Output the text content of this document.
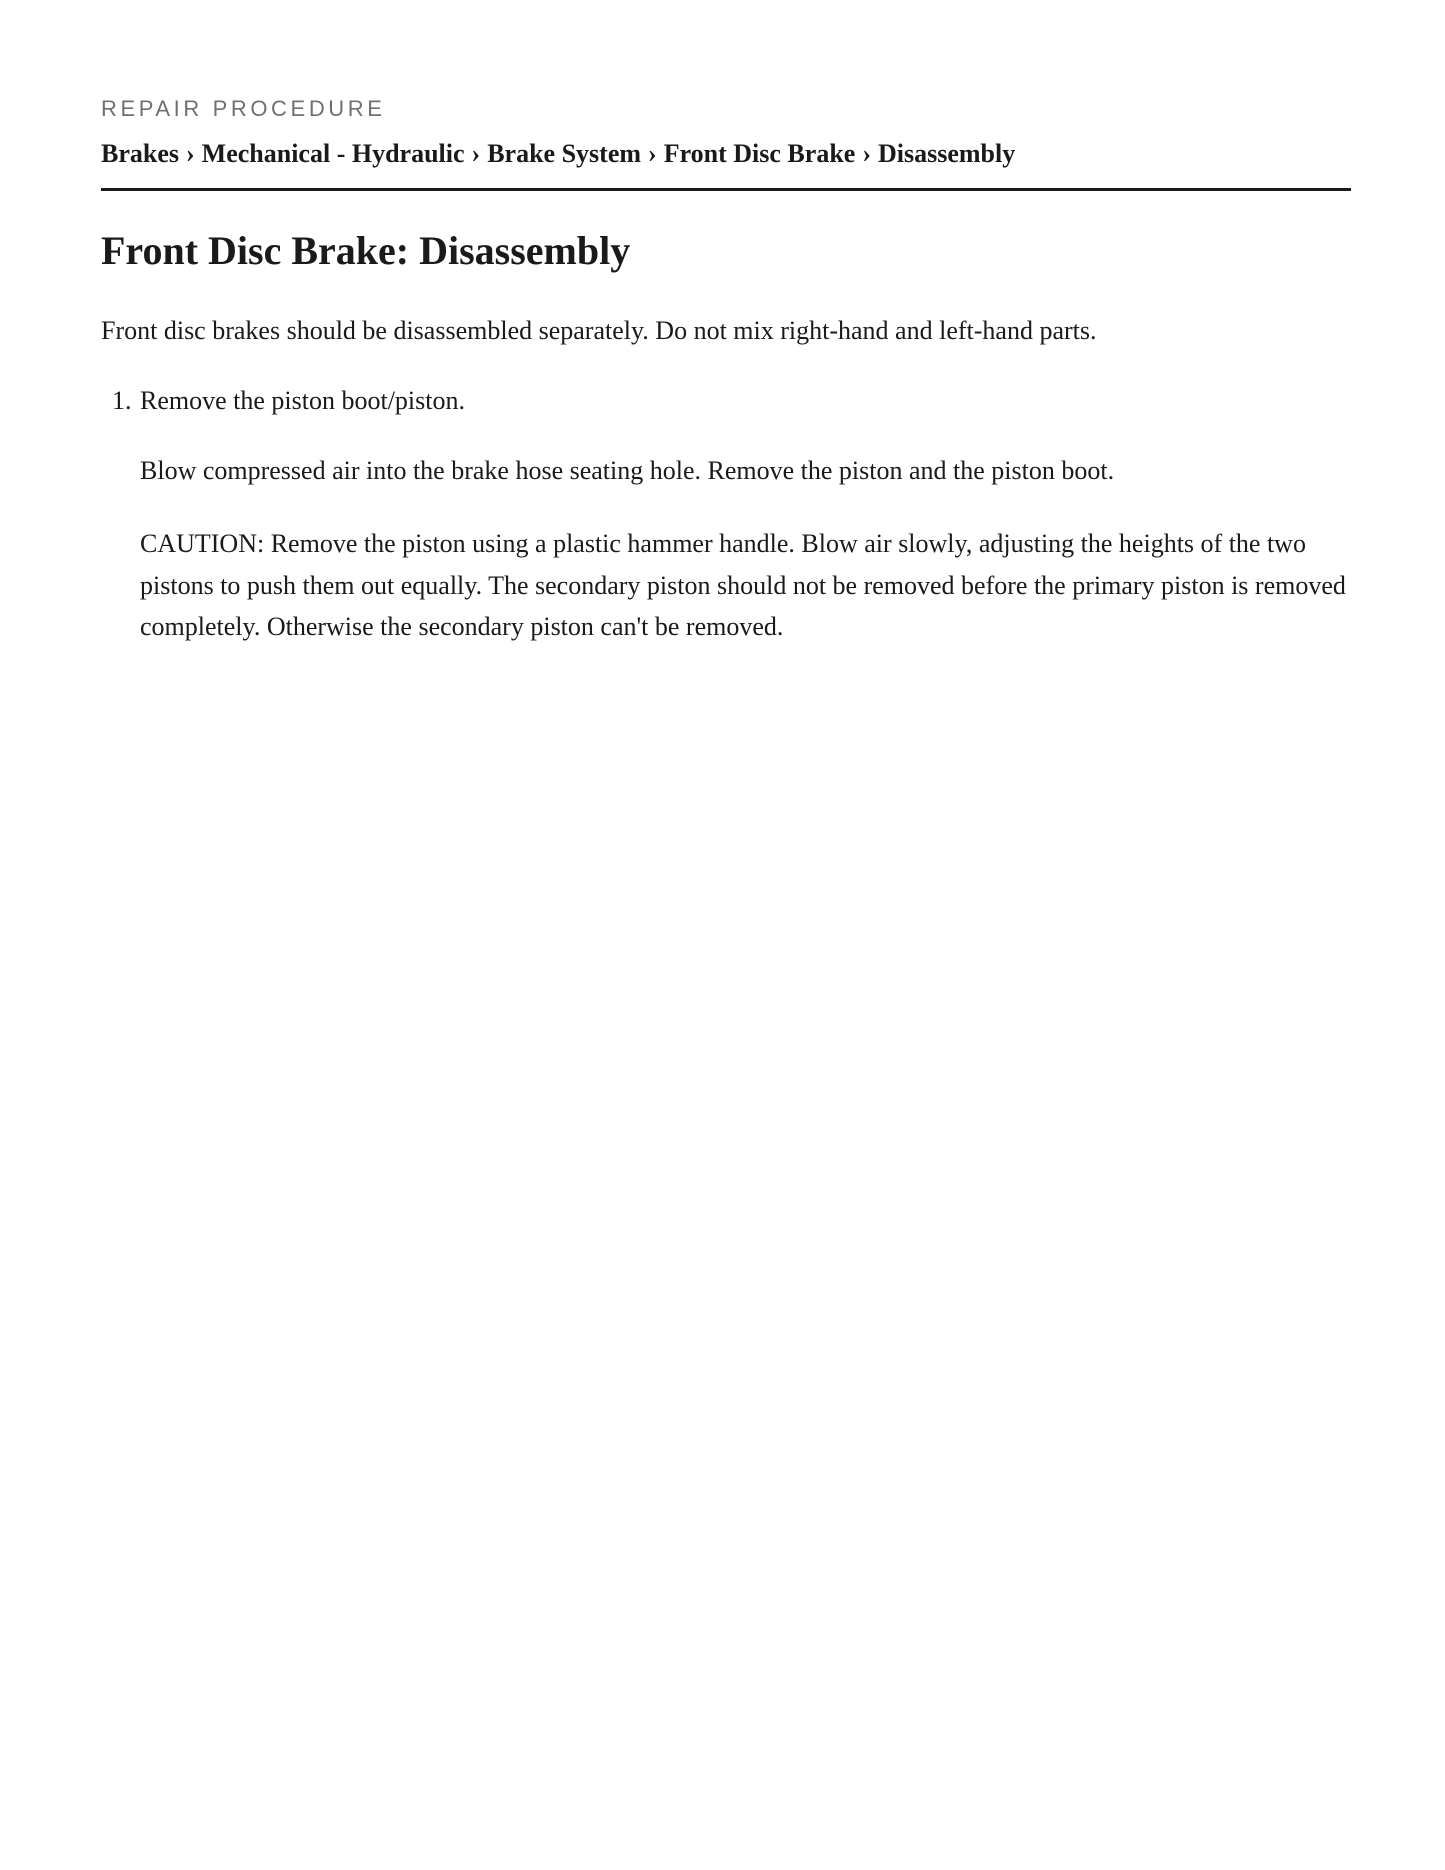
REPAIR PROCEDURE
Brakes › Mechanical - Hydraulic › Brake System › Front Disc Brake › Disassembly
Front Disc Brake: Disassembly

Front disc brakes should be disassembled separately. Do not mix right-hand and left-hand parts.

1. Remove the piston boot/piston.

Blow compressed air into the brake hose seating hole. Remove the piston and the piston boot.

CAUTION: Remove the piston using a plastic hammer handle. Blow air slowly, adjusting the heights of the two pistons to push them out equally. The secondary piston should not be removed before the primary piston is removed completely. Otherwise the secondary piston can't be removed.
